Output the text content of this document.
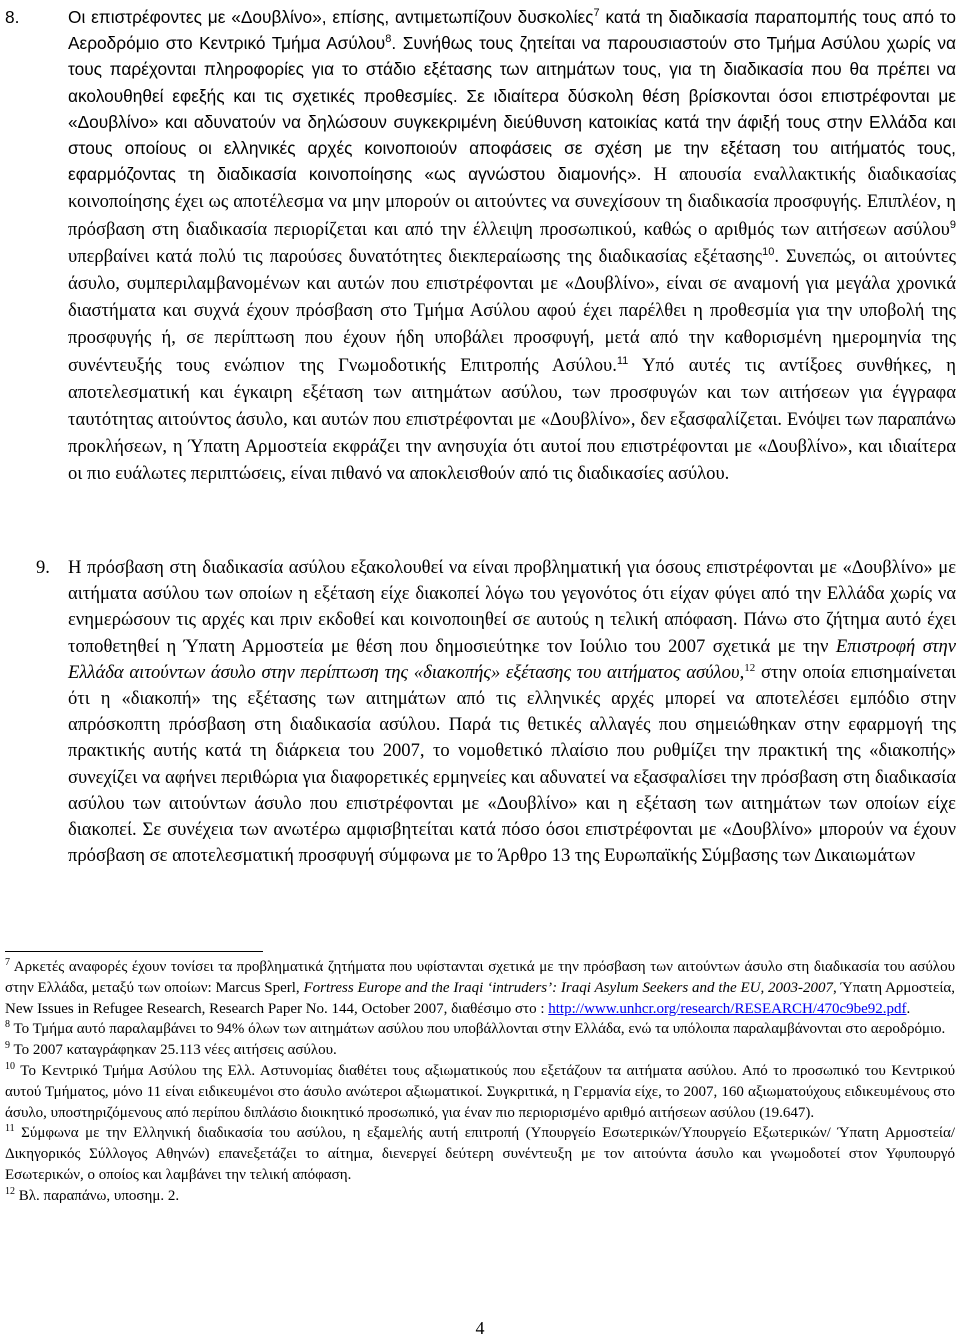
8.	Οι επιστρέφοντες με «Δουβλίνο», επίσης, αντιμετωπίζουν δυσκολίες$^7$ κατά τη διαδικασία παραπομπής τους από το Αεροδρόμιο στο Κεντρικό Τμήμα Ασύλου$^8$. Συνήθως τους ζητείται να παρουσιαστούν στο Τμήμα Ασύλου χωρίς να τους παρέχονται πληροφορίες για το στάδιο εξέτασης των αιτημάτων τους, για τη διαδικασία που θα πρέπει να ακολουθηθεί εφεξής και τις σχετικές προθεσμίες. Σε ιδιαίτερα δύσκολη θέση βρίσκονται όσοι επιστρέφονται με «Δουβλίνο» και αδυνατούν να δηλώσουν συγκεκριμένη διεύθυνση κατοικίας κατά την άφιξή τους στην Ελλάδα και στους οποίους οι ελληνικές αρχές κοινοποιούν αποφάσεις σε σχέση με την εξέταση του αιτήματός τους, εφαρμόζοντας τη διαδικασία κοινοποίησης «ως αγνώστου διαμονής». Η απουσία εναλλακτικής διαδικασίας κοινοποίησης έχει ως αποτέλεσμα να μην μπορούν οι αιτούντες να συνεχίσουν τη διαδικασία προσφυγής. Επιπλέον, η πρόσβαση στη διαδικασία περιορίζεται και από την έλλειψη προσωπικού, καθώς ο αριθμός των αιτήσεων ασύλου$^9$ υπερβαίνει κατά πολύ τις παρούσες δυνατότητες διεκπεραίωσης της διαδικασίας εξέτασης$^{10}$. Συνεπώς, οι αιτούντες άσυλο, συμπεριλαμβανομένων και αυτών που επιστρέφονται με «Δουβλίνο», είναι σε αναμονή για μεγάλα χρονικά διαστήματα και συχνά έχουν πρόσβαση στο Τμήμα Ασύλου αφού έχει παρέλθει η προθεσμία για την υποβολή της προσφυγής ή, σε περίπτωση που έχουν ήδη υποβάλει προσφυγή, μετά από την καθορισμένη ημερομηνία της συνέντευξής τους ενώπιον της Γνωμοδοτικής Επιτροπής Ασύλου.$^{11}$ Υπό αυτές τις αντίξοες συνθήκες, η αποτελεσματική και έγκαιρη εξέταση των αιτημάτων ασύλου, των προσφυγών και των αιτήσεων για έγγραφα ταυτότητας αιτούντος άσυλο, και αυτών που επιστρέφονται με «Δουβλίνο», δεν εξασφαλίζεται. Ενόψει των παραπάνω προκλήσεων, η Ύπατη Αρμοστεία εκφράζει την ανησυχία ότι αυτοί που επιστρέφονται με «Δουβλίνο», και ιδιαίτερα οι πιο ευάλωτες περιπτώσεις, είναι πιθανό να αποκλεισθούν από τις διαδικασίες ασύλου.
9. Η πρόσβαση στη διαδικασία ασύλου εξακολουθεί να είναι προβληματική για όσους επιστρέφονται με «Δουβλίνο» με αιτήματα ασύλου των οποίων η εξέταση είχε διακοπεί λόγω του γεγονότος ότι είχαν φύγει από την Ελλάδα χωρίς να ενημερώσουν τις αρχές και πριν εκδοθεί και κοινοποιηθεί σε αυτούς η τελική απόφαση. Πάνω στο ζήτημα αυτό έχει τοποθετηθεί η Ύπατη Αρμοστεία με θέση που δημοσιεύτηκε τον Ιούλιο του 2007 σχετικά με την Επιστροφή στην Ελλάδα αιτούντων άσυλο στην περίπτωση της «διακοπής» εξέτασης του αιτήματος ασύλου,$^{12}$ στην οποία επισημαίνεται ότι η «διακοπή» της εξέτασης των αιτημάτων από τις ελληνικές αρχές μπορεί να αποτελέσει εμπόδιο στην απρόσκοπτη πρόσβαση στη διαδικασία ασύλου. Παρά τις θετικές αλλαγές που σημειώθηκαν στην εφαρμογή της πρακτικής αυτής κατά τη διάρκεια του 2007, το νομοθετικό πλαίσιο που ρυθμίζει την πρακτική της «διακοπής» συνεχίζει να αφήνει περιθώρια για διαφορετικές ερμηνείες και αδυνατεί να εξασφαλίσει την πρόσβαση στη διαδικασία ασύλου των αιτούντων άσυλο που επιστρέφονται με «Δουβλίνο» και η εξέταση των αιτημάτων των οποίων είχε διακοπεί. Σε συνέχεια των ανωτέρω αμφισβητείται κατά πόσο όσοι επιστρέφονται με «Δουβλίνο» μπορούν να έχουν πρόσβαση σε αποτελεσματική προσφυγή σύμφωνα με το Άρθρο 13 της Ευρωπαϊκής Σύμβασης των Δικαιωμάτων

$^7$ Αρκετές αναφορές έχουν τονίσει τα προβληματικά ζητήματα που υφίστανται σχετικά με την πρόσβαση των αιτούντων άσυλο στη διαδικασία του ασύλου στην Ελλάδα, μεταξύ των οποίων: Marcus Sperl, Fortress Europe and the Iraqi ‘intruders’: Iraqi Asylum Seekers and the EU, 2003-2007, Ύπατη Αρμοστεία, New Issues in Refugee Research, Research Paper No. 144, October 2007, διαθέσιμο στο : http://www.unhcr.org/research/RESEARCH/470c9be92.pdf.

$^8$ Το Τμήμα αυτό παραλαμβάνει το 94% όλων των αιτημάτων ασύλου που υποβάλλονται στην Ελλάδα, ενώ τα υπόλοιπα παραλαμβάνονται στο αεροδρόμιο.

$^9$ Το 2007 καταγράφηκαν 25.113 νέες αιτήσεις ασύλου.

$^{10}$ Το Κεντρικό Τμήμα Ασύλου της Ελλ. Αστυνομίας διαθέτει τους αξιωματικούς που εξετάζουν τα αιτήματα ασύλου. Από το προσωπικό του Κεντρικού αυτού Τμήματος, μόνο 11 είναι ειδικευμένοι στο άσυλο ανώτεροι αξιωματικοί. Συγκριτικά, η Γερμανία είχε, το 2007, 160 αξιωματούχους ειδικευμένους στο άσυλο, υποστηριζόμενους από περίπου διπλάσιο διοικητικό προσωπικό, για έναν πιο περιορισμένο αριθμό αιτήσεων ασύλου (19.647).

$^{11}$ Σύμφωνα με την Ελληνική διαδικασία του ασύλου, η εξαμελής αυτή επιτροπή (Υπουργείο Εσωτερικών/Υπουργείο Εξωτερικών/ Ύπατη Αρμοστεία/Δικηγορικός Σύλλογος Αθηνών) επανεξετάζει το αίτημα, διενεργεί δεύτερη συνέντευξη με τον αιτούντα άσυλο και γνωμοδοτεί στον Υφυπουργό Εσωτερικών, ο οποίος και λαμβάνει την τελική απόφαση.

$^{12}$ Βλ. παραπάνω, υποσημ. 2.

4
